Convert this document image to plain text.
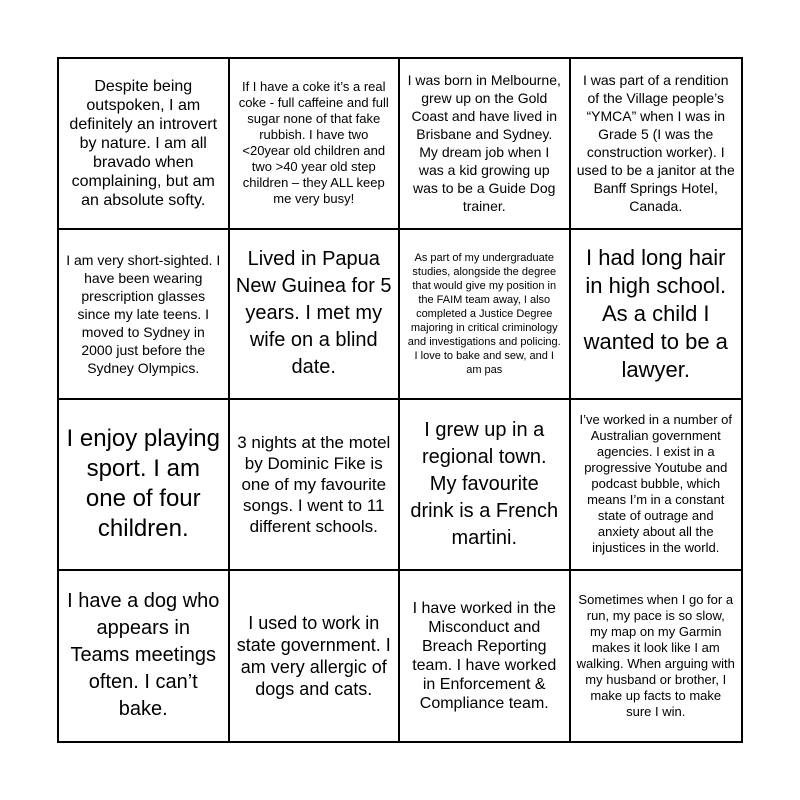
Despite being outspoken, I am definitely an introvert by nature. I am all bravado when complaining, but am an absolute softy.
If I have a coke it’s a real coke - full caffeine and full sugar none of that fake rubbish. I have two <20year old children and two >40 year old step children – they ALL keep me very busy!
I was born in Melbourne, grew up on the Gold Coast and have lived in Brisbane and Sydney. My dream job when I was a kid growing up was to be a Guide Dog trainer.
I was part of a rendition of the Village people’s “YMCA” when I was in Grade 5 (I was the construction worker). I used to be a janitor at the Banff Springs Hotel, Canada.
I am very short-sighted. I have been wearing prescription glasses since my late teens. I moved to Sydney in 2000 just before the Sydney Olympics.
Lived in Papua New Guinea for 5 years. I met my wife on a blind date.
As part of my undergraduate studies, alongside the degree that would give my position in the FAIM team away, I also completed a Justice Degree majoring in critical criminology and investigations and policing. I love to bake and sew, and I am pas
I had long hair in high school. As a child I wanted to be a lawyer.
I enjoy playing sport. I am one of four children.
3 nights at the motel by Dominic Fike is one of my favourite songs. I went to 11 different schools.
I grew up in a regional town. My favourite drink is a French martini.
I’ve worked in a number of Australian government agencies. I exist in a progressive Youtube and podcast bubble, which means I’m in a constant state of outrage and anxiety about all the injustices in the world.
I have a dog who appears in Teams meetings often. I can’t bake.
I used to work in state government. I am very allergic of dogs and cats.
I have worked in the Misconduct and Breach Reporting team. I have worked in Enforcement & Compliance team.
Sometimes when I go for a run, my pace is so slow, my map on my Garmin makes it look like I am walking. When arguing with my husband or brother, I make up facts to make sure I win.
